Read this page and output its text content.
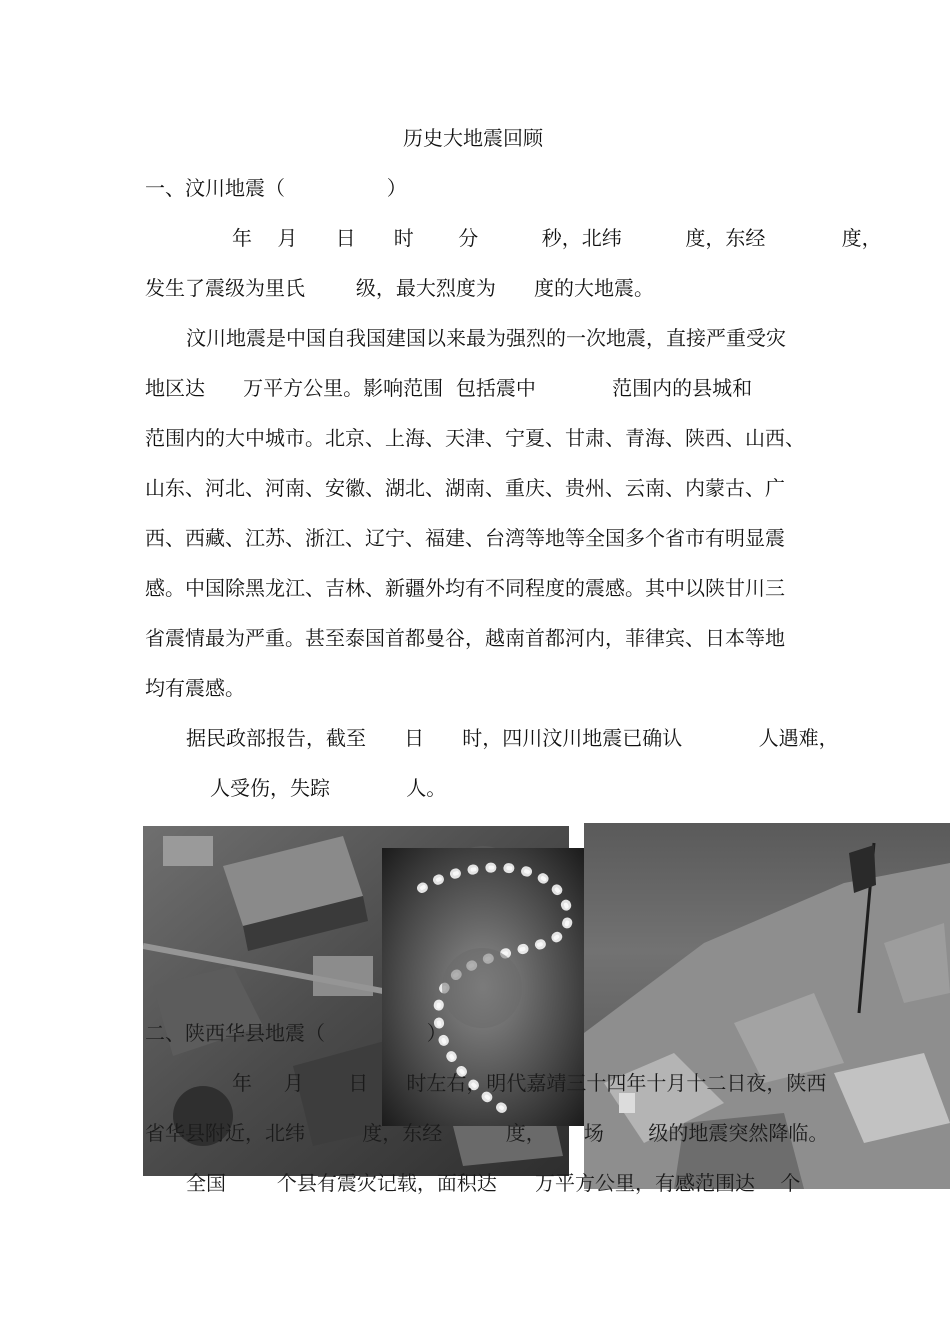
历史大地震回顾
一、汶川地震（                ）
年    月      日      时       分          秒，北纬          度，东经            度，
发生了震级为里氏        级，最大烈度为      度的大地震。
汶川地震是中国自我国建国以来最为强烈的一次地震，直接严重受灾
地区达      万平方公里。影响范围  包括震中            范围内的县城和
范围内的大中城市。北京、上海、天津、宁夏、甘肃、青海、陕西、山西、
山东、河北、河南、安徽、湖北、湖南、重庆、贵州、云南、内蒙古、广
西、西藏、江苏、浙江、辽宁、福建、台湾等地等全国多个省市有明显震
感。中国除黑龙江、吉林、新疆外均有不同程度的震感。其中以陕甘川三
省震情最为严重。甚至泰国首都曼谷，越南首都河内，菲律宾、日本等地
均有震感。
据民政部报告，截至      日      时，四川汶川地震已确认            人遇难，
人受伤，失踪            人。
二、陕西华县地震（                ）
年     月       日      时左右，明代嘉靖三十四年十月十二日夜，陕西
省华县附近，北纬         度，东经          度，      场       级的地震突然降临。
全国        个县有震灾记载，面积达      万平方公里，有感范围达    个
